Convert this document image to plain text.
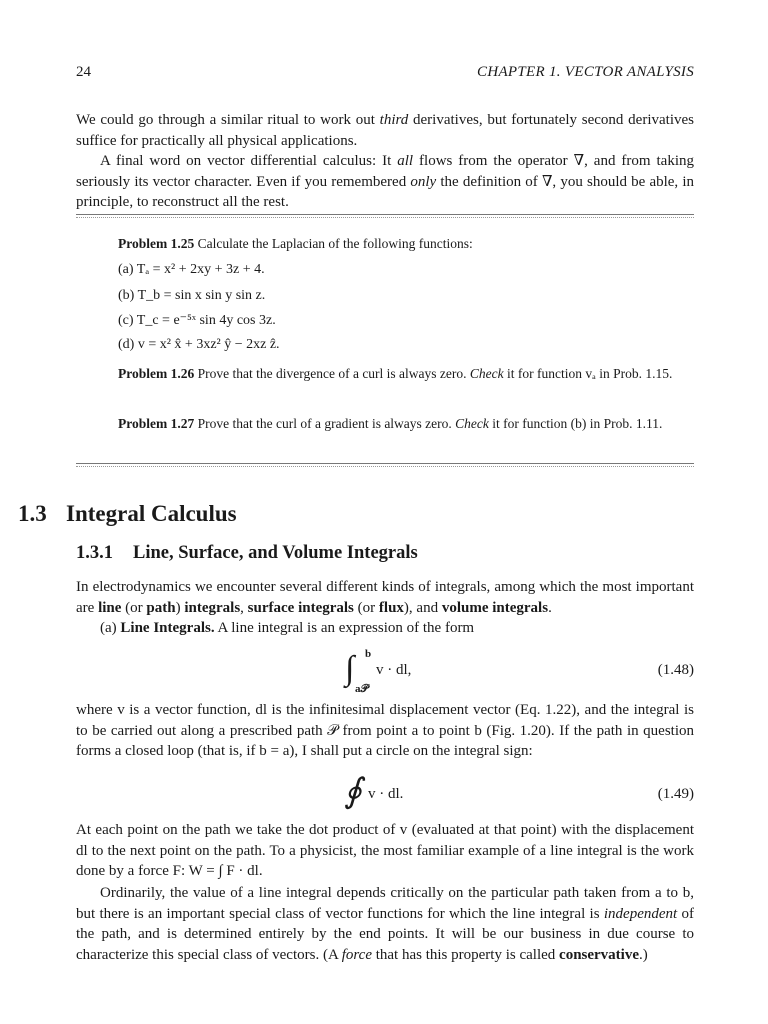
24	CHAPTER 1. VECTOR ANALYSIS

We could go through a similar ritual to work out third derivatives, but fortunately second derivatives suffice for practically all physical applications.

A final word on vector differential calculus: It all flows from the operator ∇, and from taking seriously its vector character. Even if you remembered only the definition of ∇, you should be able, in principle, to reconstruct all the rest.

Problem 1.25 Calculate the Laplacian of the following functions:

(a) Tₐ = x² + 2xy + 3z + 4.
(b) T_b = sin x sin y sin z.
(c) T_c = e⁻⁵ˣ sin 4y cos 3z.
(d) v = x² x̂ + 3xz² ŷ − 2xz ẑ.

Problem 1.26 Prove that the divergence of a curl is always zero. Check it for function vₐ in Prob. 1.15.

Problem 1.27 Prove that the curl of a gradient is always zero. Check it for function (b) in Prob. 1.11.

1.3 Integral Calculus
1.3.1 Line, Surface, and Volume Integrals

In electrodynamics we encounter several different kinds of integrals, among which the most important are line (or path) integrals, surface integrals (or flux), and volume integrals.

(a) Line Integrals. A line integral is an expression of the form

∫ b
a𝒫
v · dl,	(1.48)

where v is a vector function, dl is the infinitesimal displacement vector (Eq. 1.22), and the integral is to be carried out along a prescribed path 𝒫 from point a to point b (Fig. 1.20). If the path in question forms a closed loop (that is, if b = a), I shall put a circle on the integral sign:

∮ v · dl.	(1.49)

At each point on the path we take the dot product of v (evaluated at that point) with the displacement dl to the next point on the path. To a physicist, the most familiar example of a line integral is the work done by a force F: W = ∫ F · dl.

Ordinarily, the value of a line integral depends critically on the particular path taken from a to b, but there is an important special class of vector functions for which the line integral is independent of the path, and is determined entirely by the end points. It will be our business in due course to characterize this special class of vectors. (A force that has this property is called conservative.)
